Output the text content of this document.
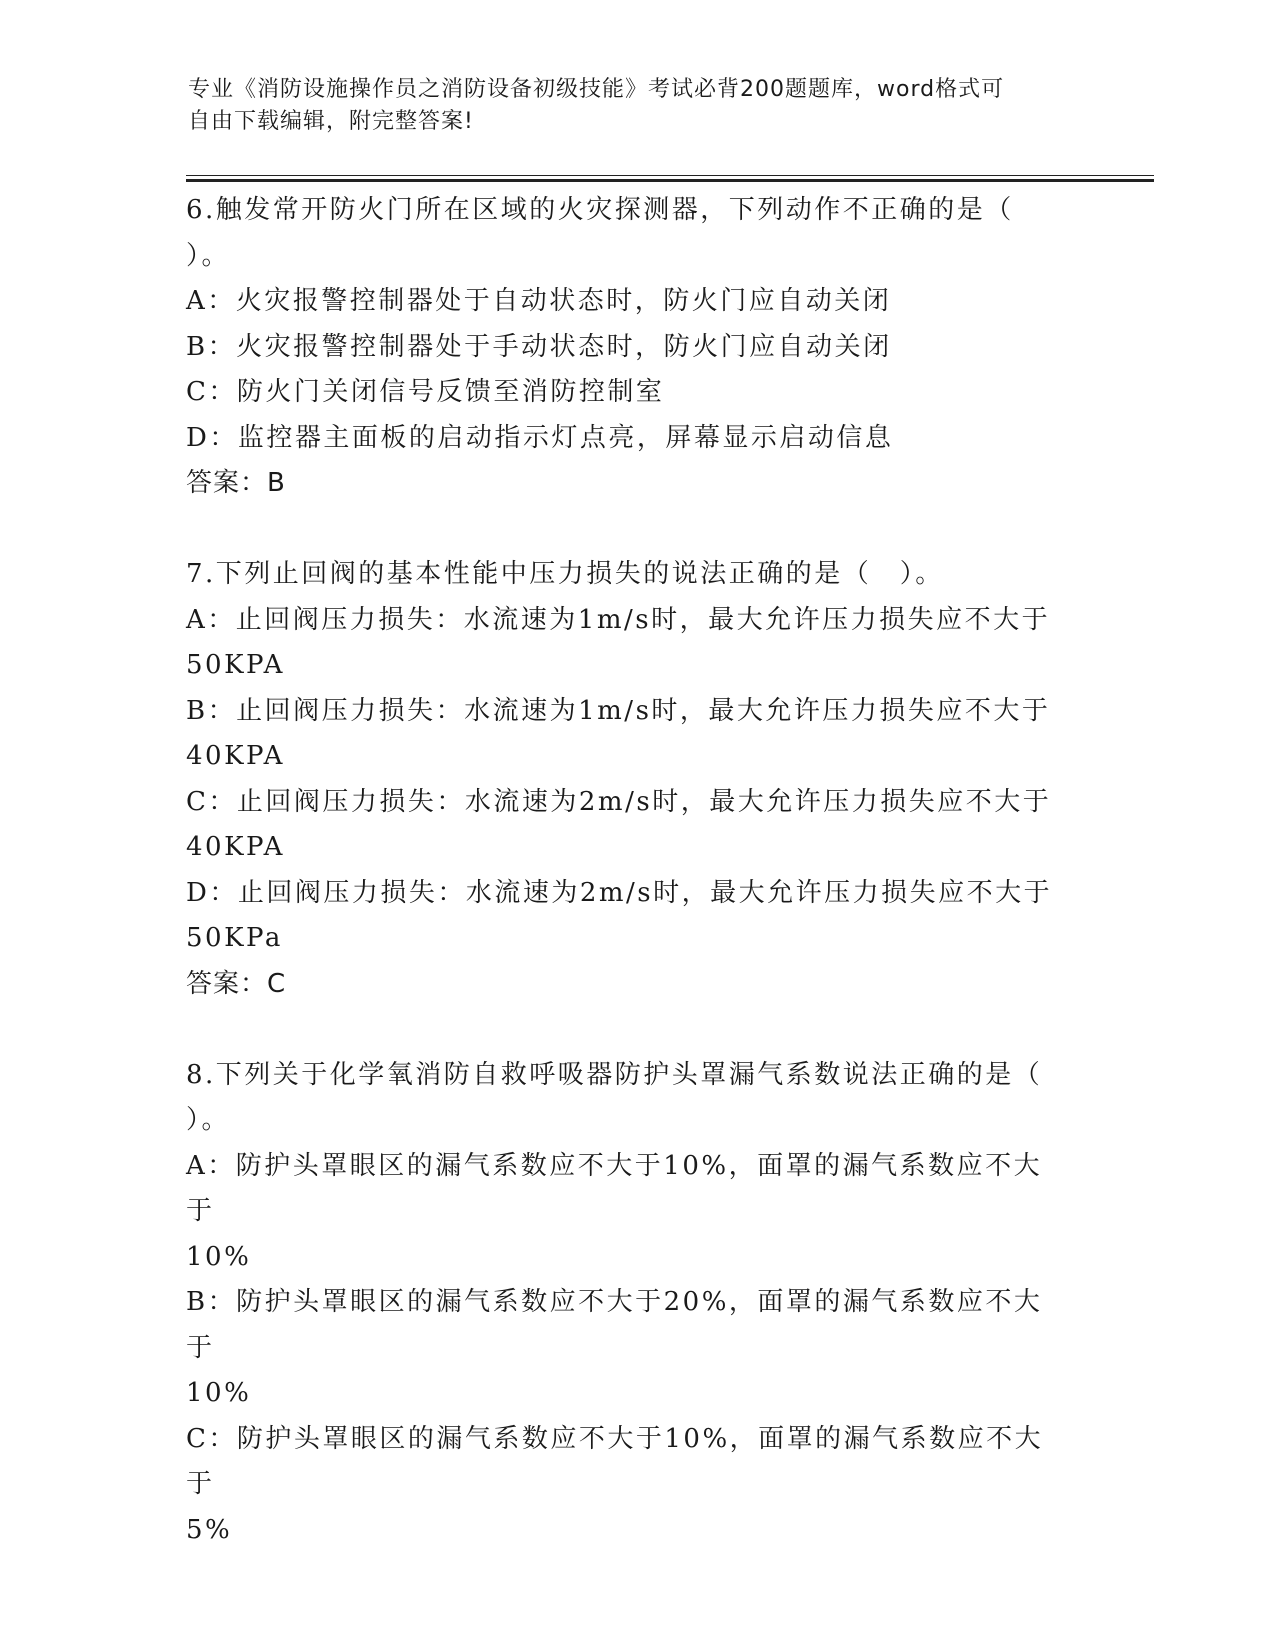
专业《消防设施操作员之消防设备初级技能》考试必背200题题库，word格式可
自由下载编辑，附完整答案!
6.触发常开防火门所在区域的火灾探测器，下列动作不正确的是（
）。
A：火灾报警控制器处于自动状态时，防火门应自动关闭
B：火灾报警控制器处于手动状态时，防火门应自动关闭
C：防火门关闭信号反馈至消防控制室
D：监控器主面板的启动指示灯点亮，屏幕显示启动信息
答案：B
7.下列止回阀的基本性能中压力损失的说法正确的是（　）。
A：止回阀压力损失：水流速为1m/s时，最大允许压力损失应不大于
50KPA
B：止回阀压力损失：水流速为1m/s时，最大允许压力损失应不大于
40KPA
C：止回阀压力损失：水流速为2m/s时，最大允许压力损失应不大于
40KPA
D：止回阀压力损失：水流速为2m/s时，最大允许压力损失应不大于
50KPa
答案：C
8.下列关于化学氧消防自救呼吸器防护头罩漏气系数说法正确的是（
）。
A：防护头罩眼区的漏气系数应不大于10%，面罩的漏气系数应不大于
10%
B：防护头罩眼区的漏气系数应不大于20%，面罩的漏气系数应不大于
10%
C：防护头罩眼区的漏气系数应不大于10%，面罩的漏气系数应不大于
5%
